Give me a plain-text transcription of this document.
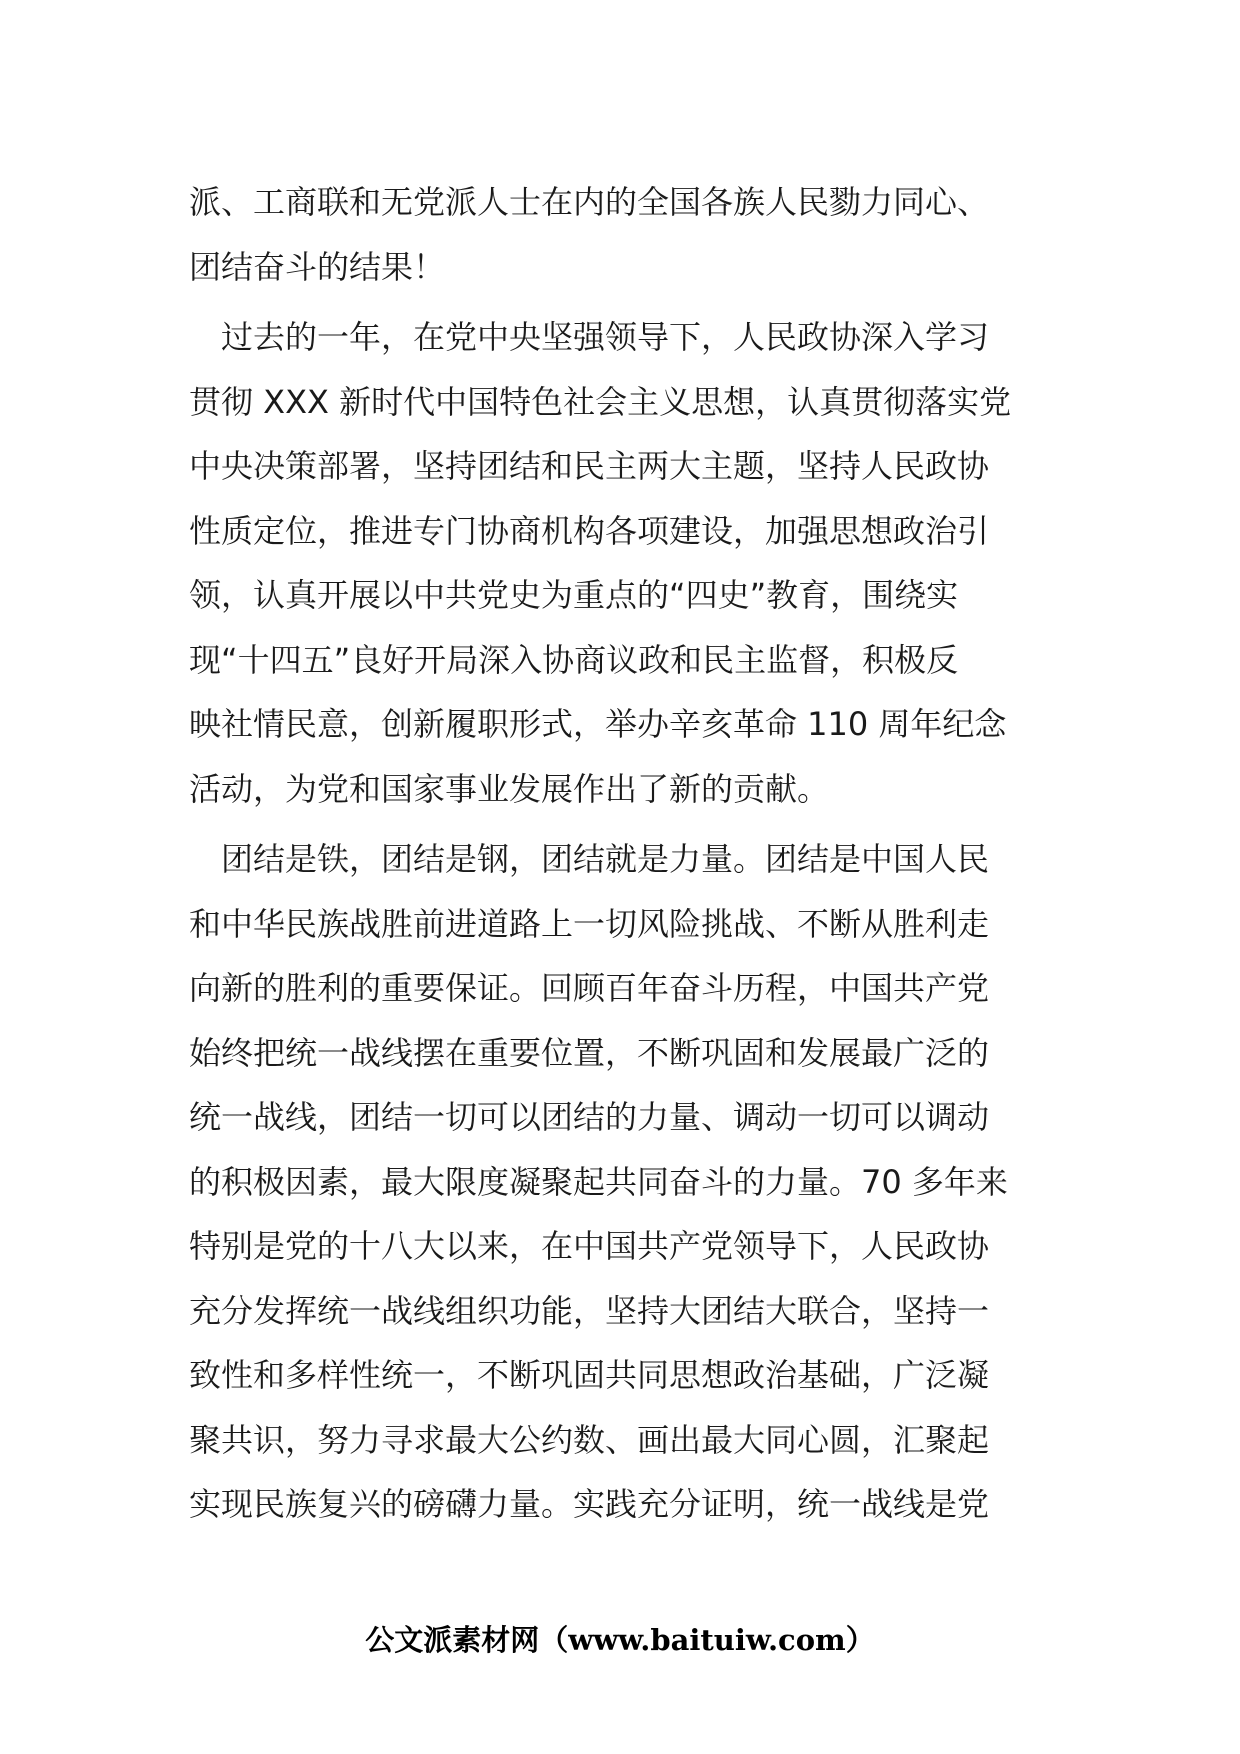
派、工商联和无党派人士在内的全国各族人民勠力同心、
团结奋斗的结果！
　过去的一年，在党中央坚强领导下，人民政协深入学习
贯彻 XXX 新时代中国特色社会主义思想，认真贯彻落实党
中央决策部署，坚持团结和民主两大主题，坚持人民政协
性质定位，推进专门协商机构各项建设，加强思想政治引
领，认真开展以中共党史为重点的“四史”教育，围绕实
现“十四五”良好开局深入协商议政和民主监督，积极反
映社情民意，创新履职形式，举办辛亥革命 110 周年纪念
活动，为党和国家事业发展作出了新的贡献。
　团结是铁，团结是钢，团结就是力量。团结是中国人民
和中华民族战胜前进道路上一切风险挑战、不断从胜利走
向新的胜利的重要保证。回顾百年奋斗历程，中国共产党
始终把统一战线摆在重要位置，不断巩固和发展最广泛的
统一战线，团结一切可以团结的力量、调动一切可以调动
的积极因素，最大限度凝聚起共同奋斗的力量。70 多年来
特别是党的十八大以来，在中国共产党领导下，人民政协
充分发挥统一战线组织功能，坚持大团结大联合，坚持一
致性和多样性统一，不断巩固共同思想政治基础，广泛凝
聚共识，努力寻求最大公约数、画出最大同心圆，汇聚起
实现民族复兴的磅礴力量。实践充分证明，统一战线是党
公文派素材网（www.baituiw.com）
